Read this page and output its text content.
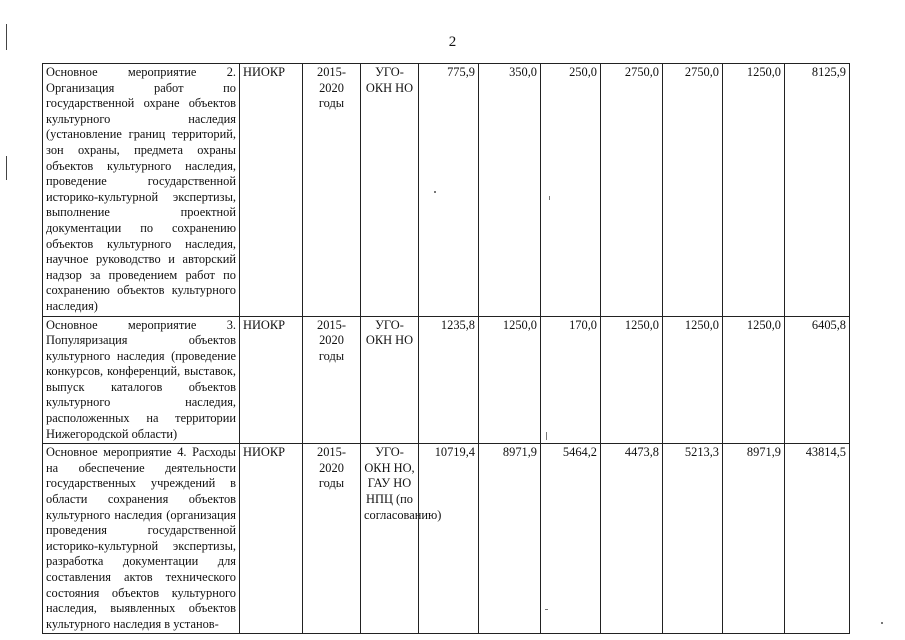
2
Основное мероприятие 2. Организация работ по государственной охране объектов культурного наследия (установление границ территорий, зон охраны, предмета охраны объектов культурного наследия, проведение государственной историко-культурной экспертизы, выполнение проектной документации по сохранению объектов культурного наследия, научное руководство и авторский надзор за проведением работ по сохранению объектов культурного наследия)	НИОКР	2015-2020 годы	УГО-ОКН НО	775,9	350,0	250,0	2750,0	2750,0	1250,0	8125,9
Основное мероприятие 3. Популяризация объектов культурного наследия (проведение конкурсов, конференций, выставок, выпуск каталогов объектов культурного наследия, расположенных на территории Нижегородской области)	НИОКР	2015-2020 годы	УГО-ОКН НО	1235,8	1250,0	170,0	1250,0	1250,0	1250,0	6405,8
Основное мероприятие 4. Расходы на обеспечение деятельности государственных учреждений в области сохранения объектов культурного наследия (организация проведения государственной историко-культурной экспертизы, разработка документации для составления актов технического состояния объектов культурного наследия, выявленных объектов культурного наследия в установ-	НИОКР	2015-2020 годы	УГО-ОКН НО, ГАУ НО НПЦ (по согласованию)	10719,4	8971,9	5464,2	4473,8	5213,3	8971,9	43814,5
